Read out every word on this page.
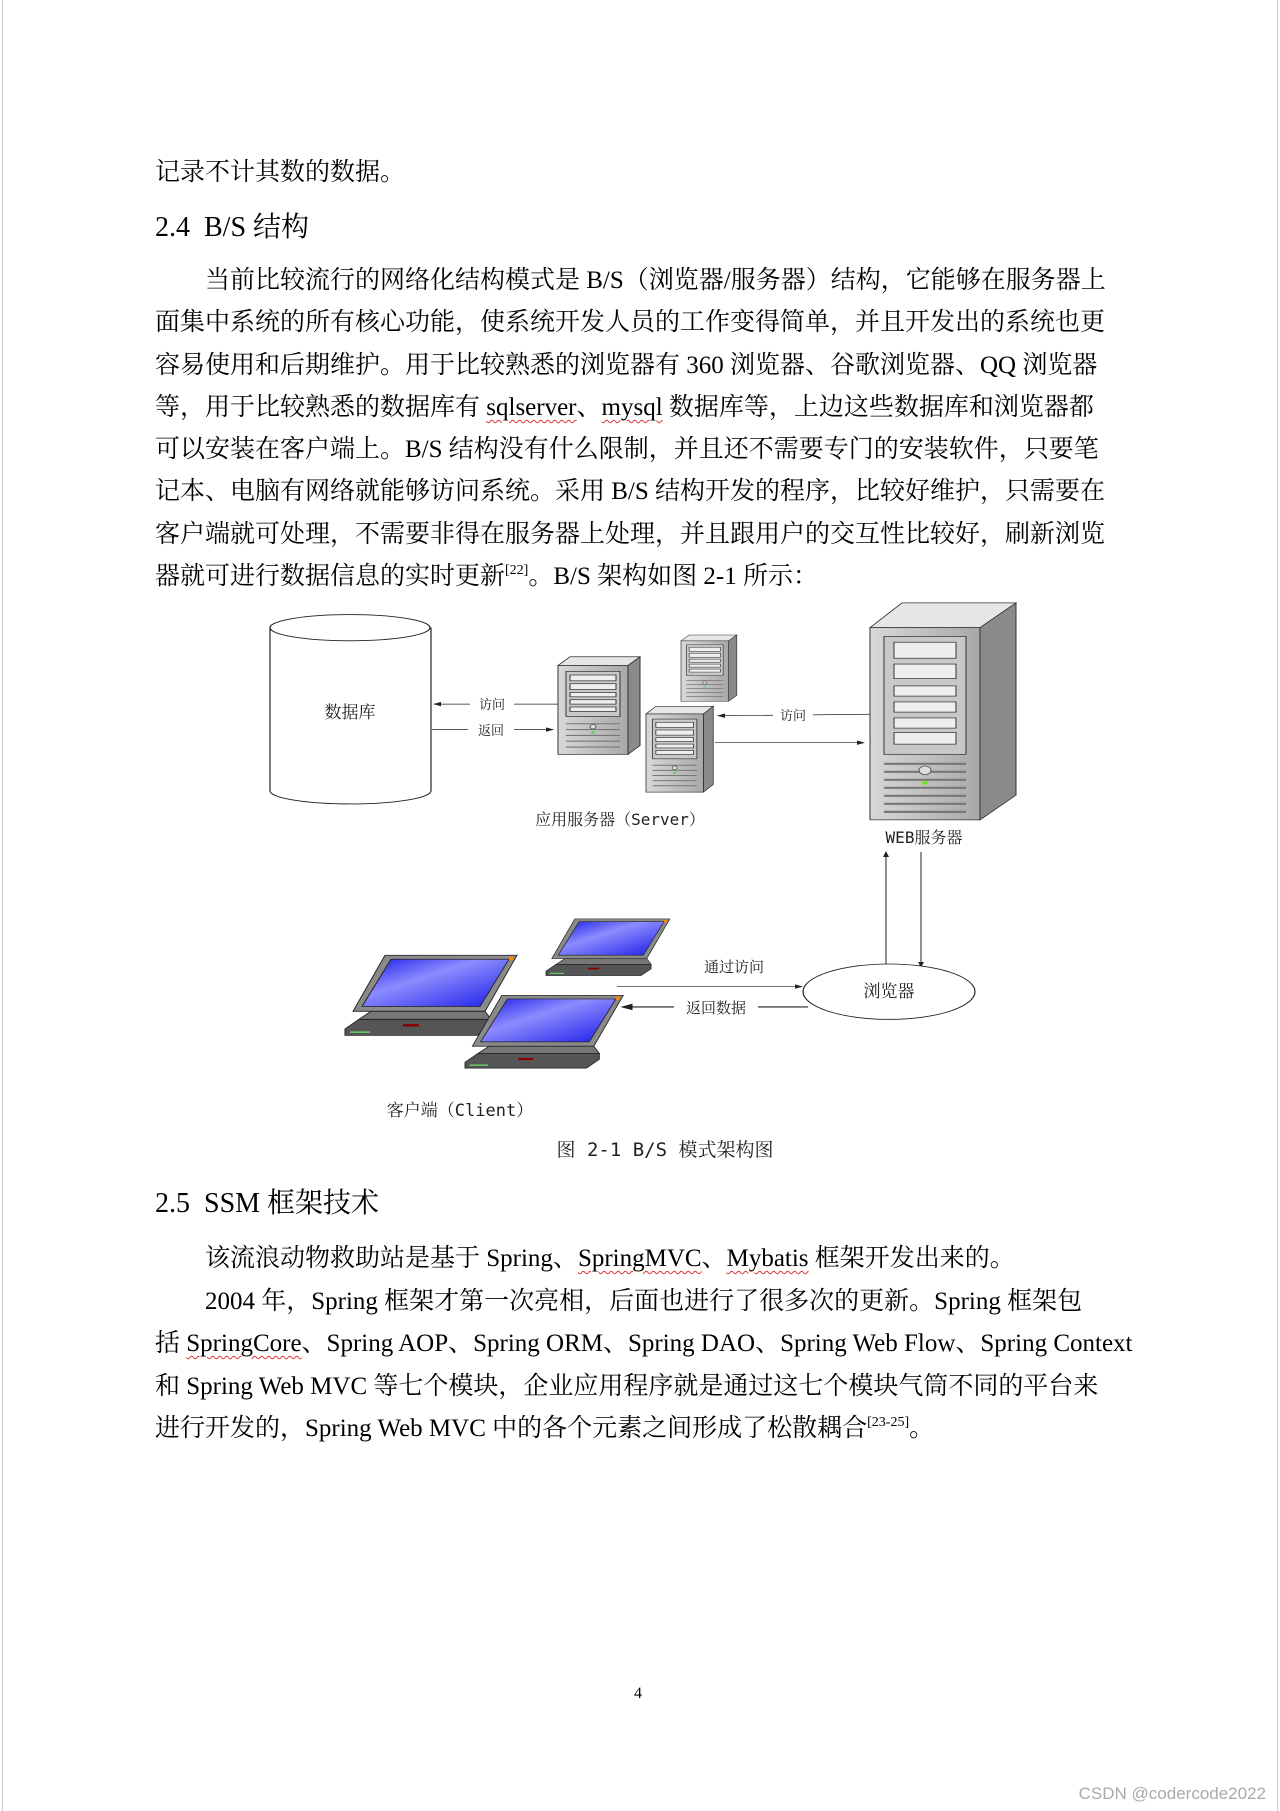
记录不计其数的数据。
2.4 B/S 结构
当前比较流行的网络化结构模式是 B/S（浏览器/服务器）结构，它能够在服务器上
面集中系统的所有核心功能，使系统开发人员的工作变得简单，并且开发出的系统也更
容易使用和后期维护。用于比较熟悉的浏览器有 360 浏览器、谷歌浏览器、QQ 浏览器
等，用于比较熟悉的数据库有 sqlserver、mysql 数据库等，上边这些数据库和浏览器都
可以安装在客户端上。B/S 结构没有什么限制，并且还不需要专门的安装软件，只要笔
记本、电脑有网络就能够访问系统。采用 B/S 结构开发的程序，比较好维护，只需要在
客户端就可处理，不需要非得在服务器上处理，并且跟用户的交互性比较好，刷新浏览
器就可进行数据信息的实时更新[22]。B/S 架构如图 2-1 所示：
数据库	访问
返回
访问
应用服务器（Server）
WEB服务器
浏览器
通过访问
返回数据
客户端（Client）
图 2-1 B/S 模式架构图
2.5 SSM 框架技术
该流浪动物救助站是基于 Spring、SpringMVC、Mybatis 框架开发出来的。
2004 年，Spring 框架才第一次亮相，后面也进行了很多次的更新。Spring 框架包
括 SpringCore、Spring AOP、Spring ORM、Spring DAO、Spring Web Flow、Spring Context
和 Spring Web MVC 等七个模块，企业应用程序就是通过这七个模块气筒不同的平台来
进行开发的，Spring Web MVC 中的各个元素之间形成了松散耦合[23-25]。
4
CSDN @codercode2022
